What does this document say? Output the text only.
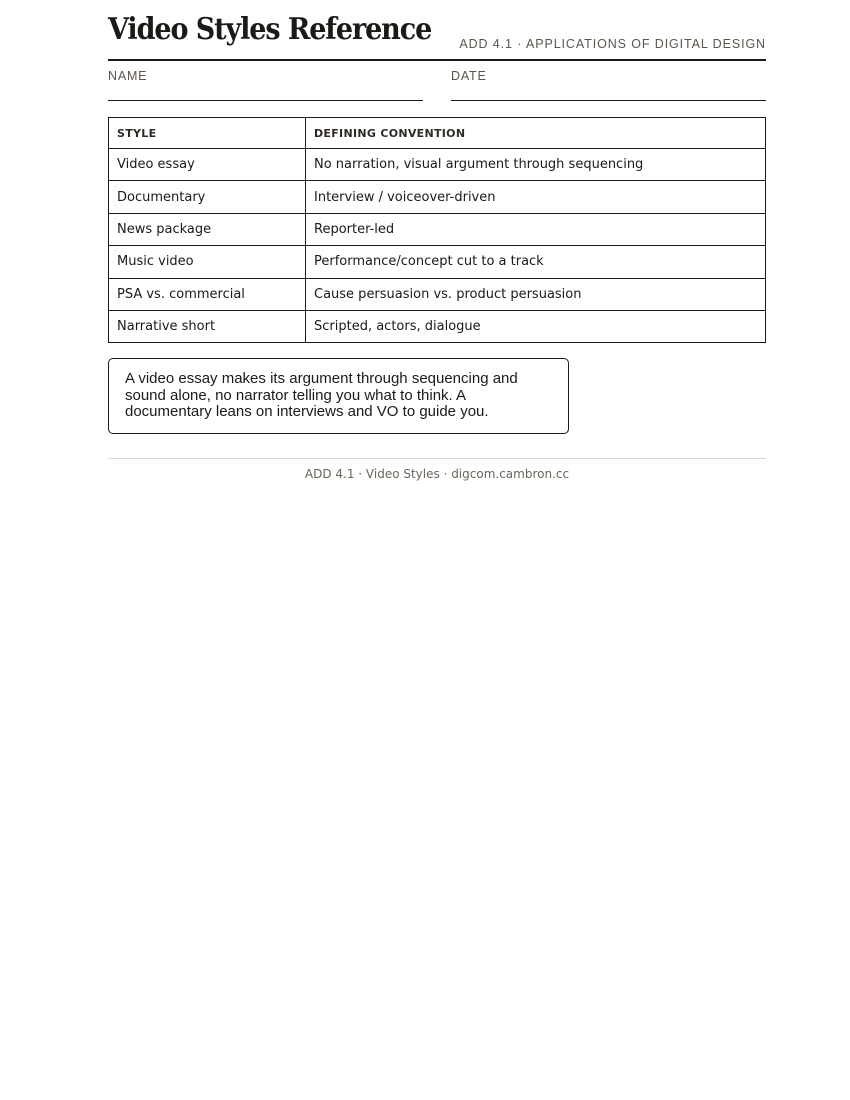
Video Styles Reference ADD 4.1 · APPLICATIONS OF DIGITAL DESIGN
NAME	DATE
STYLE	DEFINING CONVENTION
Video essay	No narration, visual argument through sequencing
Documentary	Interview / voiceover-driven
News package	Reporter-led
Music video	Performance/concept cut to a track
PSA vs. commercial	Cause persuasion vs. product persuasion
Narrative short	Scripted, actors, dialogue
A video essay makes its argument through sequencing and sound alone, no narrator telling you what to think. A documentary leans on interviews and VO to guide you.
ADD 4.1 · Video Styles · digcom.cambron.cc
